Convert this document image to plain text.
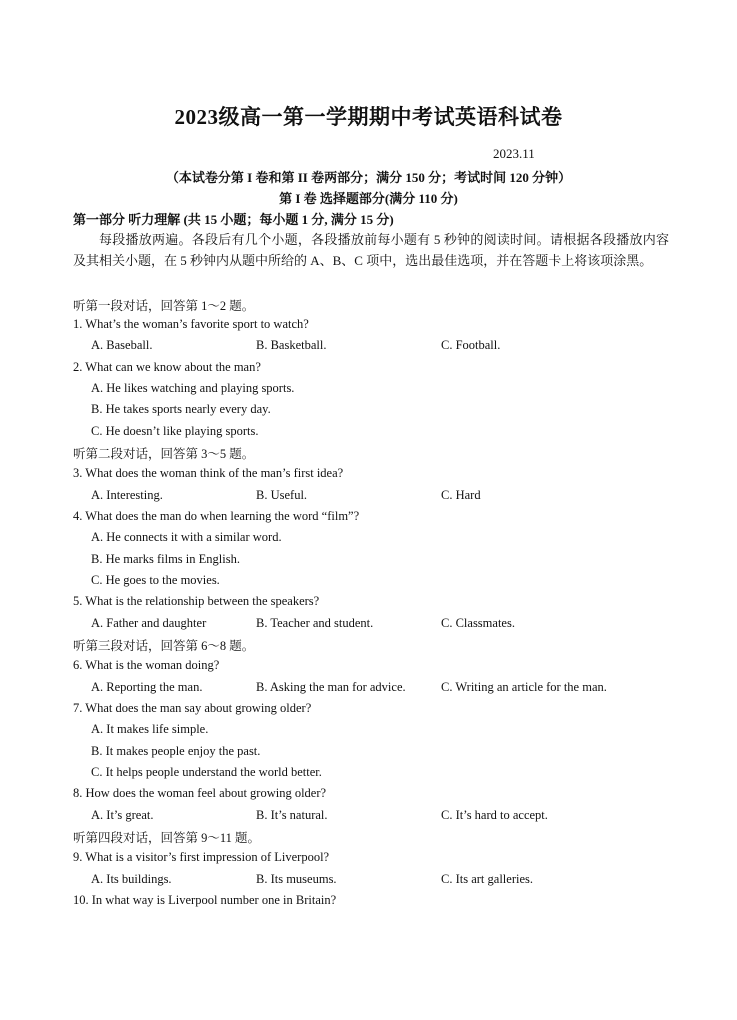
2023级高一第一学期期中考试英语科试卷
2023.11
（本试卷分第 I 卷和第 II 卷两部分；满分 150 分；考试时间 120 分钟）
第 I 卷 选择题部分(满分 110 分)
第一部分 听力理解 (共 15 小题；每小题 1 分, 满分 15 分)
每段播放两遍。各段后有几个小题，各段播放前每小题有 5 秒钟的阅读时间。请根据各段播放内容及其相关小题，在 5 秒钟内从题中所给的 A、B、C 项中，选出最佳选项，并在答题卡上将该项涂黑。
听第一段对话，回答第 1～2 题。
1. What’s the woman’s favorite sport to watch?
A. Baseball.	B. Basketball.	C. Football.
2. What can we know about the man?
A. He likes watching and playing sports.
B. He takes sports nearly every day.
C. He doesn’t like playing sports.
听第二段对话，回答第 3～5 题。
3. What does the woman think of the man’s first idea?
A. Interesting.	B. Useful.	C. Hard
4. What does the man do when learning the word “film”?
A. He connects it with a similar word.
B. He marks films in English.
C. He goes to the movies.
5. What is the relationship between the speakers?
A. Father and daughter	B. Teacher and student.	C. Classmates.
听第三段对话，回答第 6～8 题。
6. What is the woman doing?
A. Reporting the man.	B. Asking the man for advice.	C. Writing an article for the man.
7. What does the man say about growing older?
A. It makes life simple.
B. It makes people enjoy the past.
C. It helps people understand the world better.
8. How does the woman feel about growing older?
A. It’s great.	B. It’s natural.	C. It’s hard to accept.
听第四段对话，回答第 9～11 题。
9. What is a visitor’s first impression of Liverpool?
A. Its buildings.	B. Its museums.	C. Its art galleries.
10. In what way is Liverpool number one in Britain?
